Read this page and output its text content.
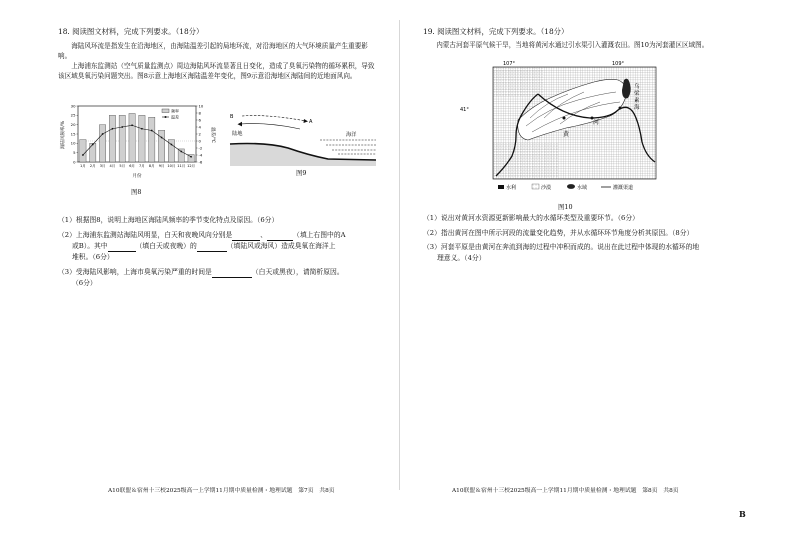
18. 阅读图文材料，完成下列要求。（18分）
海陆风环流是指发生在沿海地区，由海陆温差引起的局地环流，对沿海地区的大气环境质量产生重要影响。
上海浦东监测站（空气质量监测点）周边海陆风环流显著且日变化，造成了臭氧污染物的循环累积，导致该区域臭氧污染问题突出。图8示意上海地区海陆温差年变化，图9示意沿海地区海陆间的近地面风向。
海陆风频率/%	温差/℃
月份
0
5
10
15
20
25
30
-6
-4
-2
0
2
4
6
8
10
1月 2月 3月 4月 5月 6月 7月 8月 9月 10月 11月 12月
频率
温差
图8
B
A
陆地	海洋
图9
（1）根据图8，说明上海地区海陆风频率的季节变化特点及原因。（6分）
（2）上海浦东监测站海陆风明显，白天和夜晚风向分别是	、	（填上右图中的A
或B）。其中	（填白天或夜晚）的	（填陆风或海风）造成臭氧在海洋上
堆积。（6分）
（3）受海陆风影响，上海市臭氧污染严重的时间是	（白天或黑夜），请简析原因。
（6分）
A10联盟＆宿州十三校2025级高一上学期11月期中质量检测・地理试题　第7页　共8页
19. 阅读图文材料，完成下列要求。（18分）
内蒙古河套平原气候干旱，当地将黄河水通过引水渠引入灌溉农田。图10为河套灌区区域图。
107°	109°
41°
黄
河
乌
梁
素
海
水利	沙漠	水域	灌溉渠道
图10
（1）说出对黄河水资源更新影响最大的水循环类型及重要环节。（6分）
（2）指出黄河在图中所示河段的流量变化趋势，并从水循环环节角度分析其原因。（8分）
（3）河套平原是由黄河在奔流到海的过程中冲积而成的。说出在此过程中体现的水循环的地
理意义。（4分）
A10联盟＆宿州十三校2025级高一上学期11月期中质量检测・地理试题　第8页　共8页
B
